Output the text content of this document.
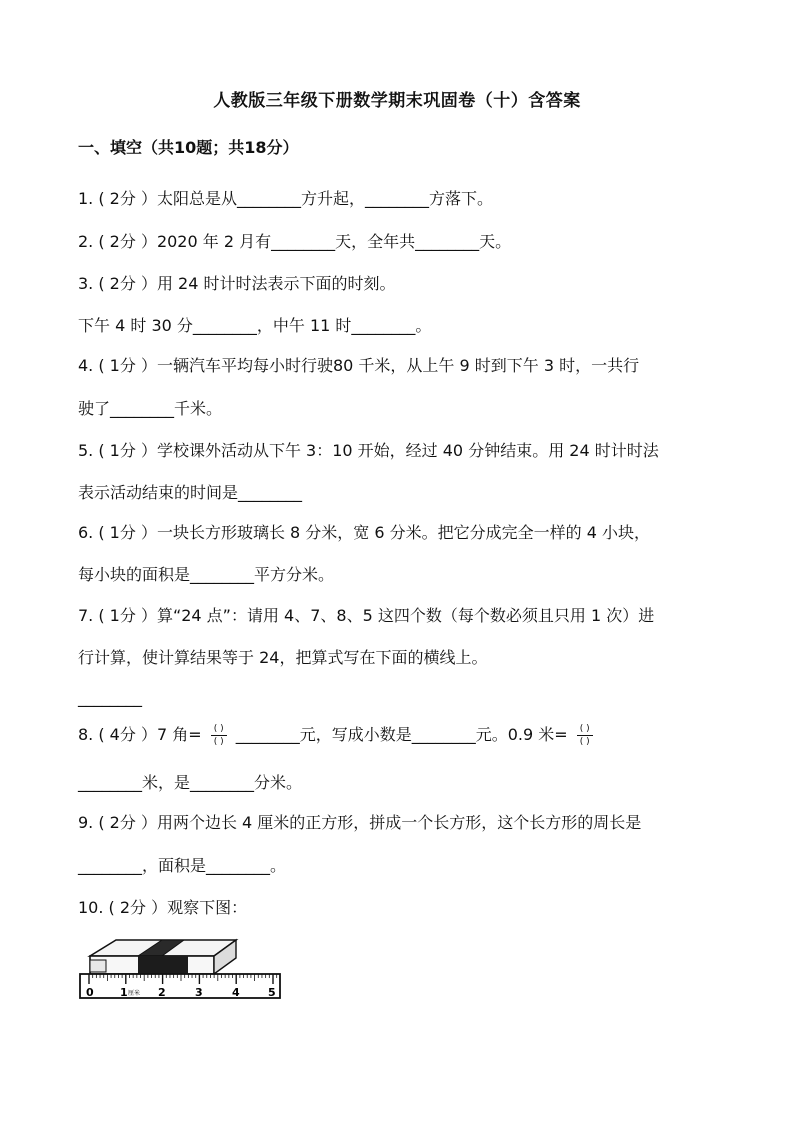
人教版三年级下册数学期末巩固卷（十）含答案
一、填空（共10题；共18分）
1. ( 2分 ）太阳总是从________方升起，________方落下。
2. ( 2分 ）2020 年 2 月有________天，全年共________天。
3. ( 2分 ）用 24 时计时法表示下面的时刻。
下午 4 时 30 分________，中午 11 时________。
4. ( 1分 ）一辆汽车平均每小时行驶80 千米，从上午 9 时到下午 3 时，一共行
驶了________千米。
5. ( 1分 ）学校课外活动从下午 3：10 开始，经过 40 分钟结束。用 24 时计时法
表示活动结束的时间是________
6. ( 1分 ）一块长方形玻璃长 8 分米，宽 6 分米。把它分成完全一样的 4 小块，
每小块的面积是________平方分米。
7. ( 1分 ）算“24 点”：请用 4、7、8、5 这四个数（每个数必须且只用 1 次）进
行计算，使计算结果等于 24，把算式写在下面的横线上。
________
8. ( 4分 ）7 角= $\frac{( )}{( )}$ ________元，写成小数是________元。0.9 米= $\frac{( )}{( )}$
________米，是________分米。
9. ( 2分 ）用两个边长 4 厘米的正方形，拼成一个长方形，这个长方形的周长是
________，面积是________。
10. ( 2分 ）观察下图：
0 1 厘米 2	3	4	5
